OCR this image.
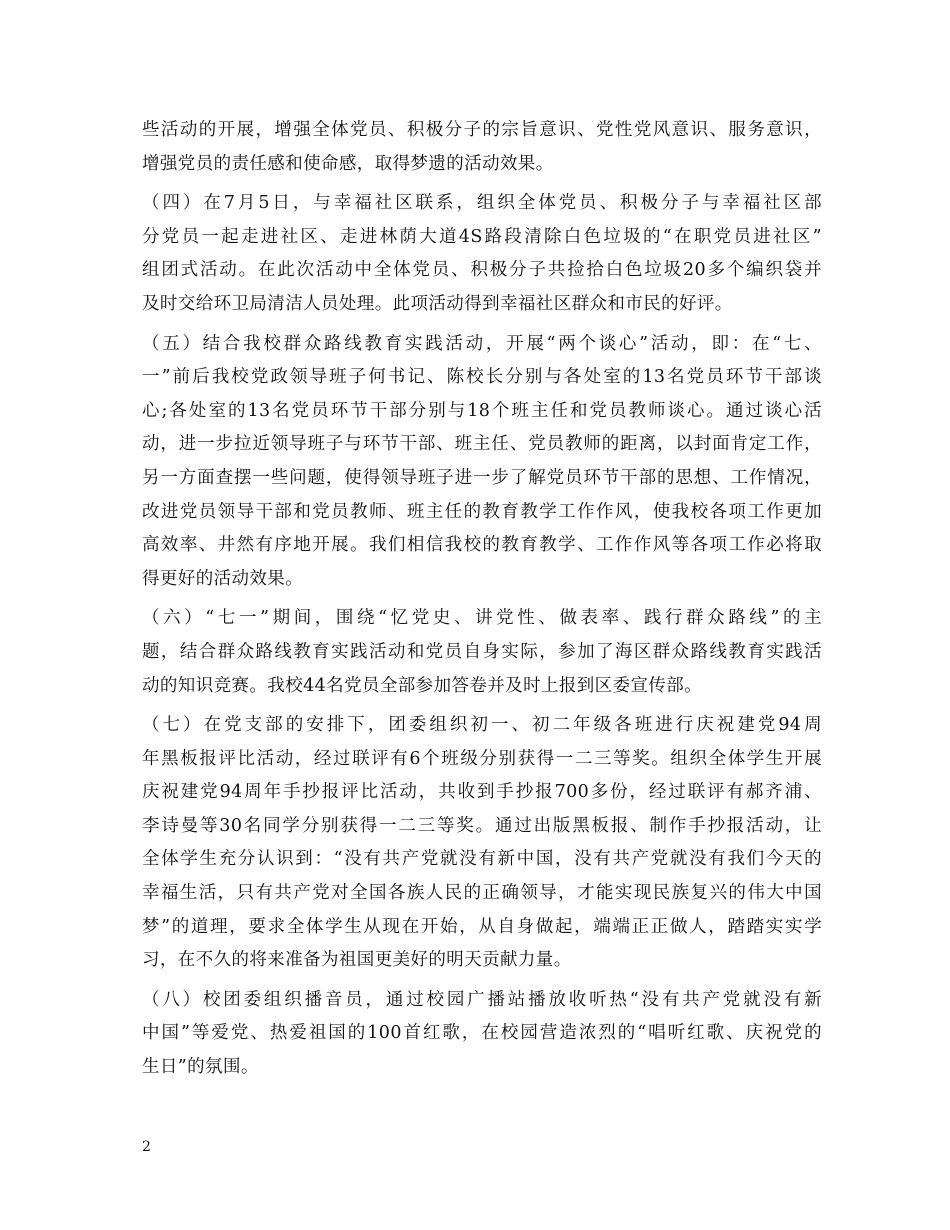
些活动的开展，增强全体党员、积极分子的宗旨意识、党性党风意识、服务意识，
增强党员的责任感和使命感，取得梦遗的活动效果。
（四）在7月5日，与幸福社区联系，组织全体党员、积极分子与幸福社区部
分党员一起走进社区、走进林荫大道4S路段清除白色垃圾的“在职党员进社区”
组团式活动。在此次活动中全体党员、积极分子共捡拾白色垃圾20多个编织袋并
及时交给环卫局清洁人员处理。此项活动得到幸福社区群众和市民的好评。
（五）结合我校群众路线教育实践活动，开展“两个谈心”活动，即：在“七、
一”前后我校党政领导班子何书记、陈校长分别与各处室的13名党员环节干部谈
心;各处室的13名党员环节干部分别与18个班主任和党员教师谈心。通过谈心活
动，进一步拉近领导班子与环节干部、班主任、党员教师的距离，以封面肯定工作，
另一方面查摆一些问题，使得领导班子进一步了解党员环节干部的思想、工作情况，
改进党员领导干部和党员教师、班主任的教育教学工作作风，使我校各项工作更加
高效率、井然有序地开展。我们相信我校的教育教学、工作作风等各项工作必将取
得更好的活动效果。
（六）“七一”期间，围绕“忆党史、讲党性、做表率、践行群众路线”的主
题，结合群众路线教育实践活动和党员自身实际，参加了海区群众路线教育实践活
动的知识竞赛。我校44名党员全部参加答卷并及时上报到区委宣传部。
（七）在党支部的安排下，团委组织初一、初二年级各班进行庆祝建党94周
年黑板报评比活动，经过联评有6个班级分别获得一二三等奖。组织全体学生开展
庆祝建党94周年手抄报评比活动，共收到手抄报700多份，经过联评有郝齐浦、
李诗曼等30名同学分别获得一二三等奖。通过出版黑板报、制作手抄报活动，让
全体学生充分认识到：“没有共产党就没有新中国，没有共产党就没有我们今天的
幸福生活，只有共产党对全国各族人民的正确领导，才能实现民族复兴的伟大中国
梦”的道理，要求全体学生从现在开始，从自身做起，端端正正做人，踏踏实实学
习，在不久的将来准备为祖国更美好的明天贡献力量。
（八）校团委组织播音员，通过校园广播站播放收听热“没有共产党就没有新
中国”等爱党、热爱祖国的100首红歌，在校园营造浓烈的“唱听红歌、庆祝党的
生日”的氛围。
2
